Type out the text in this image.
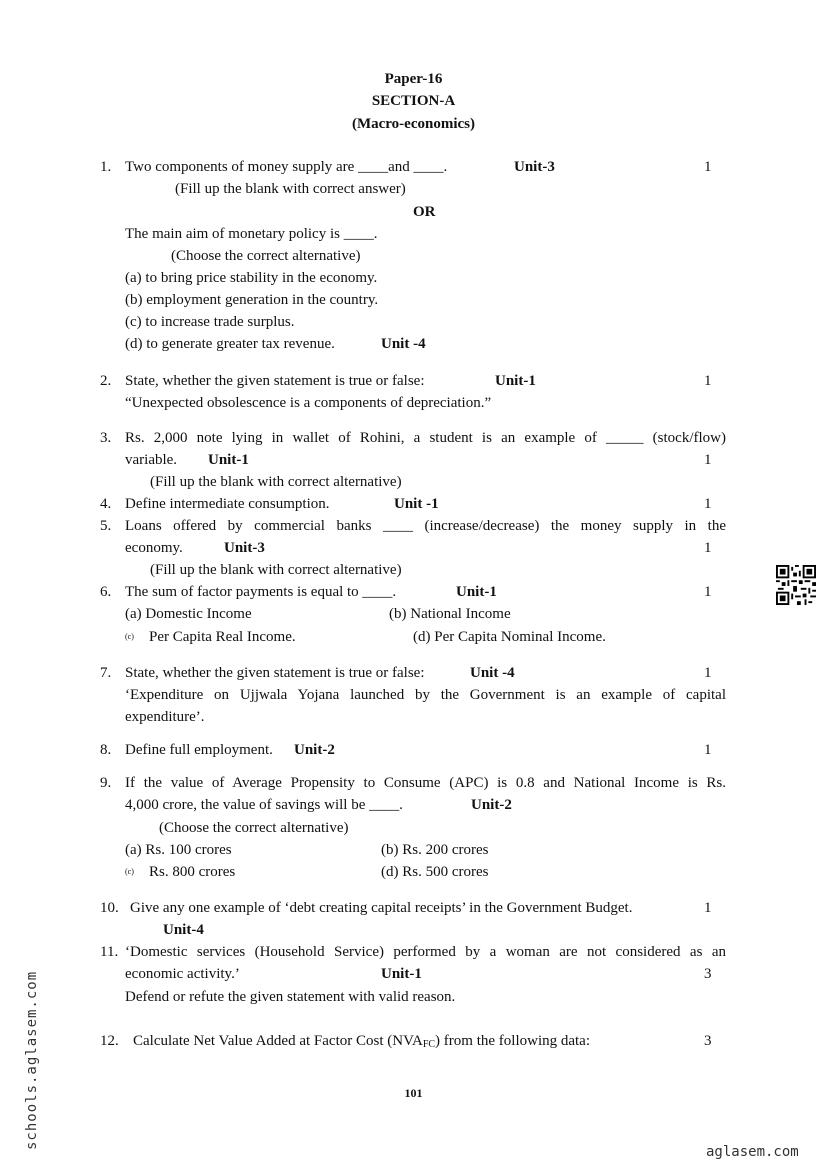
Paper-16
SECTION-A
(Macro-economics)
1. Two components of money supply are ____and ____.	Unit-3	1
(Fill up the blank with correct answer)
OR
The main aim of monetary policy is ____.
(Choose the correct alternative)
(a) to bring price stability in the economy.
(b) employment generation in the country.
(c) to increase trade surplus.
(d) to generate greater tax revenue.	Unit -4
2. State, whether the given statement is true or false:	Unit-1	1
“Unexpected obsolescence is a components of depreciation.”
3. Rs. 2,000 note lying in wallet of Rohini, a student is an example of _____ (stock/flow)
variable. Unit-1	1
(Fill up the blank with correct alternative)
4. Define intermediate consumption.	Unit -1	1
5. Loans offered by commercial banks ____ (increase/decrease) the money supply in the
economy.	Unit-3	1
(Fill up the blank with correct alternative)
6. The sum of factor payments is equal to ____.	Unit-1	1
(a) Domestic Income	(b) National Income
(c) Per Capita Real Income.	(d) Per Capita Nominal Income.
7. State, whether the given statement is true or false:	Unit -4	1
‘Expenditure on Ujjwala Yojana launched by the Government is an example of capital
expenditure’.
8. Define full employment. Unit-2	1
9. If the value of Average Propensity to Consume (APC) is 0.8 and National Income is Rs.
4,000 crore, the value of savings will be ____.	Unit-2
(Choose the correct alternative)
(a) Rs. 100 crores	(b) Rs. 200 crores
(c) Rs. 800 crores	(d) Rs. 500 crores
10. Give any one example of ‘debt creating capital receipts’ in the Government Budget.	1
Unit-4
11. ‘Domestic services (Household Service) performed by a woman are not considered as an
economic activity.’	Unit-1	3
Defend or refute the given statement with valid reason.
12. Calculate Net Value Added at Factor Cost $(NVA_{FC})$ from the following data:	3
101
aglasem.com
schools.aglasem.com
